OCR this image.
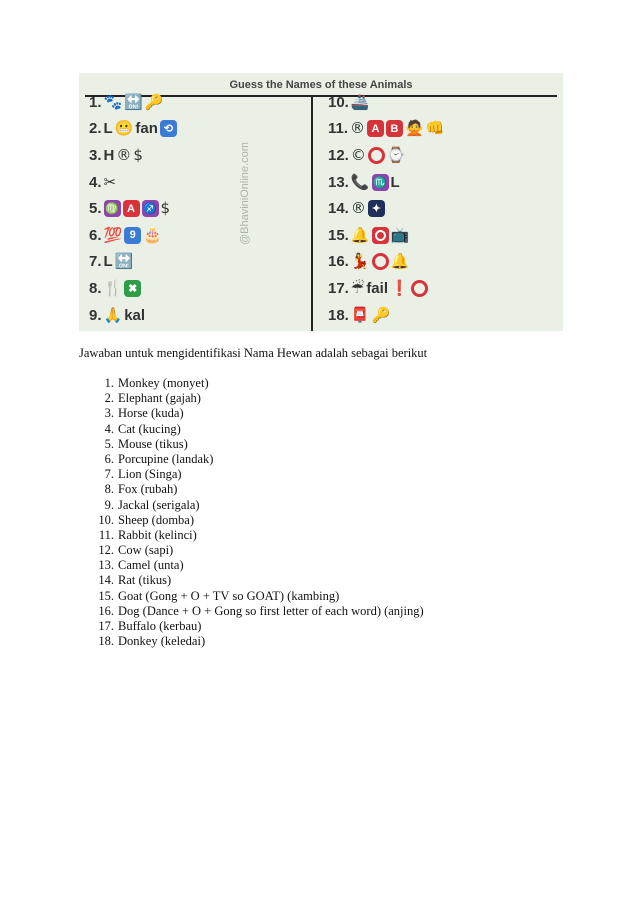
Guess the Names of these Animals
@BhaviniOnline.com
1. 🐾 🔛 🔑
2. L 😬 fan ⟲
3. H ® $
4. ✂
5. ♍ A ♐ $
6. 💯 9 🎂
7. L 🔛
8. 🍴 ✖
9. 🙏 kal
10. 🚢
11. ® A	B 🙅 👊
12. © ⌚
13. 📞 ♏ L
14. ® ✦
15. 🔔 📺
16. 💃 🔔
17. ☔ fail ❗
18. 📮 🔑
Jawaban untuk mengidentifikasi Nama Hewan adalah sebagai berikut
1. Monkey (monyet)
2. Elephant (gajah)
3. Horse (kuda)
4. Cat (kucing)
5. Mouse (tikus)
6. Porcupine (landak)
7. Lion (Singa)
8. Fox (rubah)
9. Jackal (serigala)
10. Sheep (domba)
11. Rabbit (kelinci)
12. Cow (sapi)
13. Camel (unta)
14. Rat (tikus)
15. Goat (Gong + O + TV so GOAT) (kambing)
16. Dog (Dance + O + Gong so first letter of each word) (anjing)
17. Buffalo (kerbau)
18. Donkey (keledai)
